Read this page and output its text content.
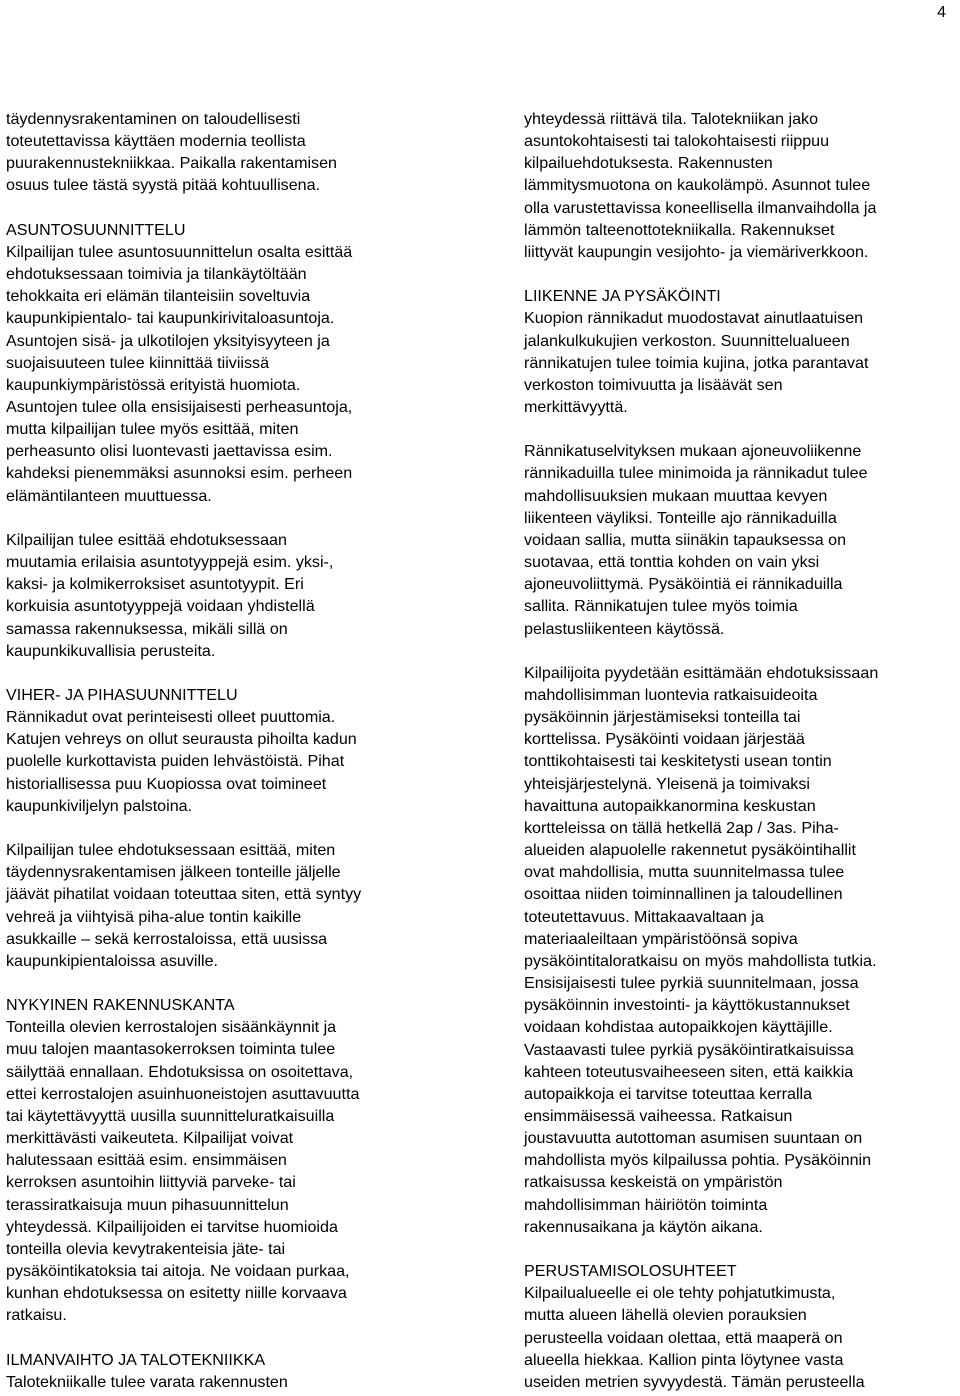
4

täydennysrakentaminen on taloudellisesti
toteutettavissa käyttäen modernia teollista
puurakennustekniikkaa. Paikalla rakentamisen
osuus tulee tästä syystä pitää kohtuullisena.

ASUNTOSUUNNITTELU
Kilpailijan tulee asuntosuunnittelun osalta esittää
ehdotuksessaan toimivia ja tilankäytöltään
tehokkaita eri elämän tilanteisiin soveltuvia
kaupunkipientalo- tai kaupunkirivitaloasuntoja.
Asuntojen sisä- ja ulkotilojen yksityisyyteen ja
suojaisuuteen tulee kiinnittää tiiviissä
kaupunkiympäristössä erityistä huomiota.
Asuntojen tulee olla ensisijaisesti perheasuntoja,
mutta kilpailijan tulee myös esittää, miten
perheasunto olisi luontevasti jaettavissa esim.
kahdeksi pienemmäksi asunnoksi esim. perheen
elämäntilanteen muuttuessa.

Kilpailijan tulee esittää ehdotuksessaan
muutamia erilaisia asuntotyyppejä esim. yksi-,
kaksi- ja kolmikerroksiset asuntotyypit. Eri
korkuisia asuntotyyppejä voidaan yhdistellä
samassa rakennuksessa, mikäli sillä on
kaupunkikuvallisia perusteita.

VIHER- JA PIHASUUNNITTELU
Rännikadut ovat perinteisesti olleet puuttomia.
Katujen vehreys on ollut seurausta pihoilta kadun
puolelle kurkottavista puiden lehvästöistä. Pihat
historiallisessa puu Kuopiossa ovat toimineet
kaupunkiviljelyn palstoina.

Kilpailijan tulee ehdotuksessaan esittää, miten
täydennysrakentamisen jälkeen tonteille jäljelle
jäävät pihatilat voidaan toteuttaa siten, että syntyy
vehreä ja viihtyisä piha-alue tontin kaikille
asukkaille – sekä kerrostaloissa, että uusissa
kaupunkipientaloissa asuville.

NYKYINEN RAKENNUSKANTA
Tonteilla olevien kerrostalojen sisäänkäynnit ja
muu talojen maantasokerroksen toiminta tulee
säilyttää ennallaan. Ehdotuksissa on osoitettava,
ettei kerrostalojen asuinhuoneistojen asuttavuutta
tai käytettävyyttä uusilla suunnitteluratkaisuilla
merkittävästi vaikeuteta. Kilpailijat voivat
halutessaan esittää esim. ensimmäisen
kerroksen asuntoihin liittyviä parveke- tai
terassiratkaisuja muun pihasuunnittelun
yhteydessä. Kilpailijoiden ei tarvitse huomioida
tonteilla olevia kevytrakenteisia jäte- tai
pysäköintikatoksia tai aitoja. Ne voidaan purkaa,
kunhan ehdotuksessa on esitetty niille korvaava
ratkaisu.

ILMANVAIHTO JA TALOTEKNIIKKA
Talotekniikalle tulee varata rakennusten

yhteydessä riittävä tila. Talotekniikan jako
asuntokohtaisesti tai talokohtaisesti riippuu
kilpailuehdotuksesta. Rakennusten
lämmitysmuotona on kaukolämpö. Asunnot tulee
olla varustettavissa koneellisella ilmanvaihdolla ja
lämmön talteenottotekniikalla. Rakennukset
liittyvät kaupungin vesijohto- ja viemäriverkkoon.

LIIKENNE JA PYSÄKÖINTI
Kuopion rännikadut muodostavat ainutlaatuisen
jalankulkukujien verkoston. Suunnittelualueen
rännikatujen tulee toimia kujina, jotka parantavat
verkoston toimivuutta ja lisäävät sen
merkittävyyttä.

Rännikatuselvityksen mukaan ajoneuvoliikenne
rännikaduilla tulee minimoida ja rännikadut tulee
mahdollisuuksien mukaan muuttaa kevyen
liikenteen väyliksi. Tonteille ajo rännikaduilla
voidaan sallia, mutta siinäkin tapauksessa on
suotavaa, että tonttia kohden on vain yksi
ajoneuvoliittymä. Pysäköintiä ei rännikaduilla
sallita. Rännikatujen tulee myös toimia
pelastusliikenteen käytössä.

Kilpailijoita pyydetään esittämään ehdotuksissaan
mahdollisimman luontevia ratkaisuideoita
pysäköinnin järjestämiseksi tonteilla tai
korttelissa. Pysäköinti voidaan järjestää
tonttikohtaisesti tai keskitetysti usean tontin
yhteisjärjestelynä. Yleisenä ja toimivaksi
havaittuna autopaikkanormina keskustan
kortteleissa on tällä hetkellä 2ap / 3as. Piha-
alueiden alapuolelle rakennetut pysäköintihallit
ovat mahdollisia, mutta suunnitelmassa tulee
osoittaa niiden toiminnallinen ja taloudellinen
toteutettavuus. Mittakaavaltaan ja
materiaaleiltaan ympäristöönsä sopiva
pysäköintitaloratkaisu on myös mahdollista tutkia.
Ensisijaisesti tulee pyrkiä suunnitelmaan, jossa
pysäköinnin investointi- ja käyttökustannukset
voidaan kohdistaa autopaikkojen käyttäjille.
Vastaavasti tulee pyrkiä pysäköintiratkaisuissa
kahteen toteutusvaiheeseen siten, että kaikkia
autopaikkoja ei tarvitse toteuttaa kerralla
ensimmäisessä vaiheessa. Ratkaisun
joustavuutta autottoman asumisen suuntaan on
mahdollista myös kilpailussa pohtia. Pysäköinnin
ratkaisussa keskeistä on ympäristön
mahdollisimman häiriötön toiminta
rakennusaikana ja käytön aikana.

PERUSTAMISOLOSUHTEET
Kilpailualueelle ei ole tehty pohjatutkimusta,
mutta alueen lähellä olevien porauksien
perusteella voidaan olettaa, että maaperä on
alueella hiekkaa. Kallion pinta löytynee vasta
useiden metrien syvyydestä. Tämän perusteella
